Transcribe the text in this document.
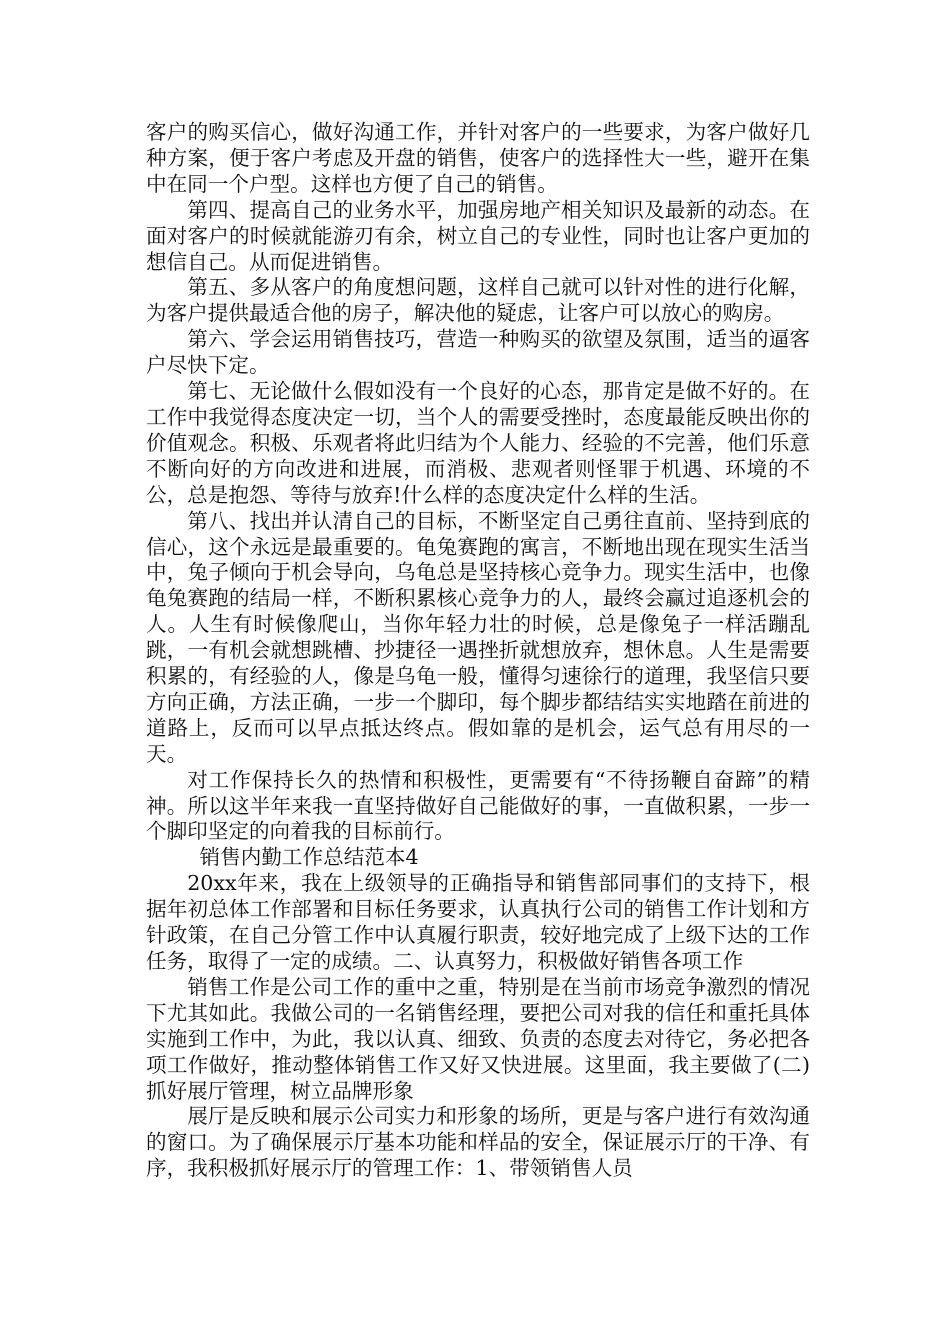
客户的购买信心，做好沟通工作，并针对客户的一些要求，为客户做好几种方案，便于客户考虑及开盘的销售，使客户的选择性大一些，避开在集中在同一个户型。这样也方便了自己的销售。

第四、提高自己的业务水平，加强房地产相关知识及最新的动态。在面对客户的时候就能游刃有余，树立自己的专业性，同时也让客户更加的想信自己。从而促进销售。

第五、多从客户的角度想问题，这样自己就可以针对性的进行化解，为客户提供最适合他的房子，解决他的疑虑，让客户可以放心的购房。

第六、学会运用销售技巧，营造一种购买的欲望及氛围，适当的逼客户尽快下定。

第七、无论做什么假如没有一个良好的心态，那肯定是做不好的。在工作中我觉得态度决定一切，当个人的需要受挫时，态度最能反映出你的价值观念。积极、乐观者将此归结为个人能力、经验的不完善，他们乐意不断向好的方向改进和进展，而消极、悲观者则怪罪于机遇、环境的不公，总是抱怨、等待与放弃!什么样的态度决定什么样的生活。

第八、找出并认清自己的目标，不断坚定自己勇往直前、坚持到底的信心，这个永远是最重要的。龟兔赛跑的寓言，不断地出现在现实生活当中，兔子倾向于机会导向，乌龟总是坚持核心竞争力。现实生活中，也像龟兔赛跑的结局一样，不断积累核心竞争力的人，最终会赢过追逐机会的人。人生有时候像爬山，当你年轻力壮的时候，总是像兔子一样活蹦乱跳，一有机会就想跳槽、抄捷径一遇挫折就想放弃，想休息。人生是需要积累的，有经验的人，像是乌龟一般，懂得匀速徐行的道理，我坚信只要方向正确，方法正确，一步一个脚印，每个脚步都结结实实地踏在前进的道路上，反而可以早点抵达终点。假如靠的是机会，运气总有用尽的一天。

对工作保持长久的热情和积极性，更需要有“不待扬鞭自奋蹄”的精神。所以这半年来我一直坚持做好自己能做好的事，一直做积累，一步一个脚印坚定的向着我的目标前行。

销售内勤工作总结范本4

20xx年来，我在上级领导的正确指导和销售部同事们的支持下，根据年初总体工作部署和目标任务要求，认真执行公司的销售工作计划和方针政策，在自己分管工作中认真履行职责，较好地完成了上级下达的工作任务，取得了一定的成绩。二、认真努力，积极做好销售各项工作

销售工作是公司工作的重中之重，特别是在当前市场竞争激烈的情况下尤其如此。我做公司的一名销售经理，要把公司对我的信任和重托具体实施到工作中，为此，我以认真、细致、负责的态度去对待它，务必把各项工作做好，推动整体销售工作又好又快进展。这里面，我主要做了(二)抓好展厅管理，树立品牌形象

展厅是反映和展示公司实力和形象的场所，更是与客户进行有效沟通的窗口。为了确保展示厅基本功能和样品的安全，保证展示厅的干净、有序，我积极抓好展示厅的管理工作：1、带领销售人员
